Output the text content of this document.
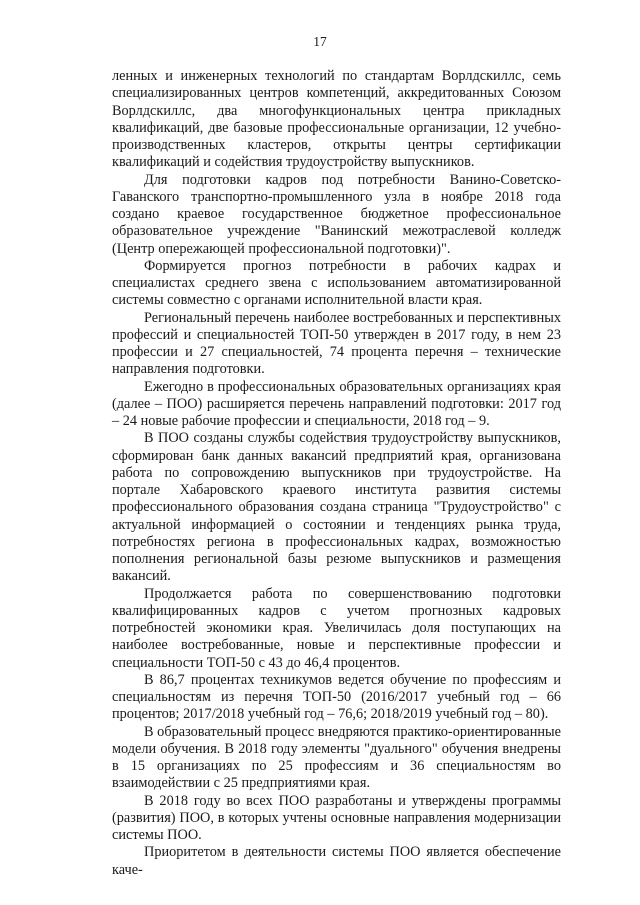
17

ленных и инженерных технологий по стандартам Ворлдскиллс, семь специализированных центров компетенций, аккредитованных Союзом Ворлдскиллс, два многофункциональных центра прикладных квалификаций, две базовые профессиональные организации, 12 учебно-производственных кластеров, открыты центры сертификации квалификаций и содействия трудоустройству выпускников.

Для подготовки кадров под потребности Ванино-Советско-Гаванского транспортно-промышленного узла в ноябре 2018 года создано краевое государственное бюджетное профессиональное образовательное учреждение "Ванинский межотраслевой колледж (Центр опережающей профессиональной подготовки)".

Формируется прогноз потребности в рабочих кадрах и специалистах среднего звена с использованием автоматизированной системы совместно с органами исполнительной власти края.

Региональный перечень наиболее востребованных и перспективных профессий и специальностей ТОП-50 утвержден в 2017 году, в нем 23 профессии и 27 специальностей, 74 процента перечня – технические направления подготовки.

Ежегодно в профессиональных образовательных организациях края (далее – ПОО) расширяется перечень направлений подготовки: 2017 год – 24 новые рабочие профессии и специальности, 2018 год – 9.

В ПОО созданы службы содействия трудоустройству выпускников, сформирован банк данных вакансий предприятий края, организована работа по сопровождению выпускников при трудоустройстве. На портале Хабаровского краевого института развития системы профессионального образования создана страница "Трудоустройство" с актуальной информацией о состоянии и тенденциях рынка труда, потребностях региона в профессиональных кадрах, возможностью пополнения региональной базы резюме выпускников и размещения вакансий.

Продолжается работа по совершенствованию подготовки квалифицированных кадров с учетом прогнозных кадровых потребностей экономики края. Увеличилась доля поступающих на наиболее востребованные, новые и перспективные профессии и специальности ТОП-50 с 43 до 46,4 процентов.

В 86,7 процентах техникумов ведется обучение по профессиям и специальностям из перечня ТОП-50 (2016/2017 учебный год – 66 процентов; 2017/2018 учебный год – 76,6; 2018/2019 учебный год – 80).

В образовательный процесс внедряются практико-ориентированные модели обучения. В 2018 году элементы "дуального" обучения внедрены в 15 организациях по 25 профессиям и 36 специальностям во взаимодействии с 25 предприятиями края.

В 2018 году во всех ПОО разработаны и утверждены программы (развития) ПОО, в которых учтены основные направления модернизации системы ПОО.

Приоритетом в деятельности системы ПОО является обеспечение каче-
